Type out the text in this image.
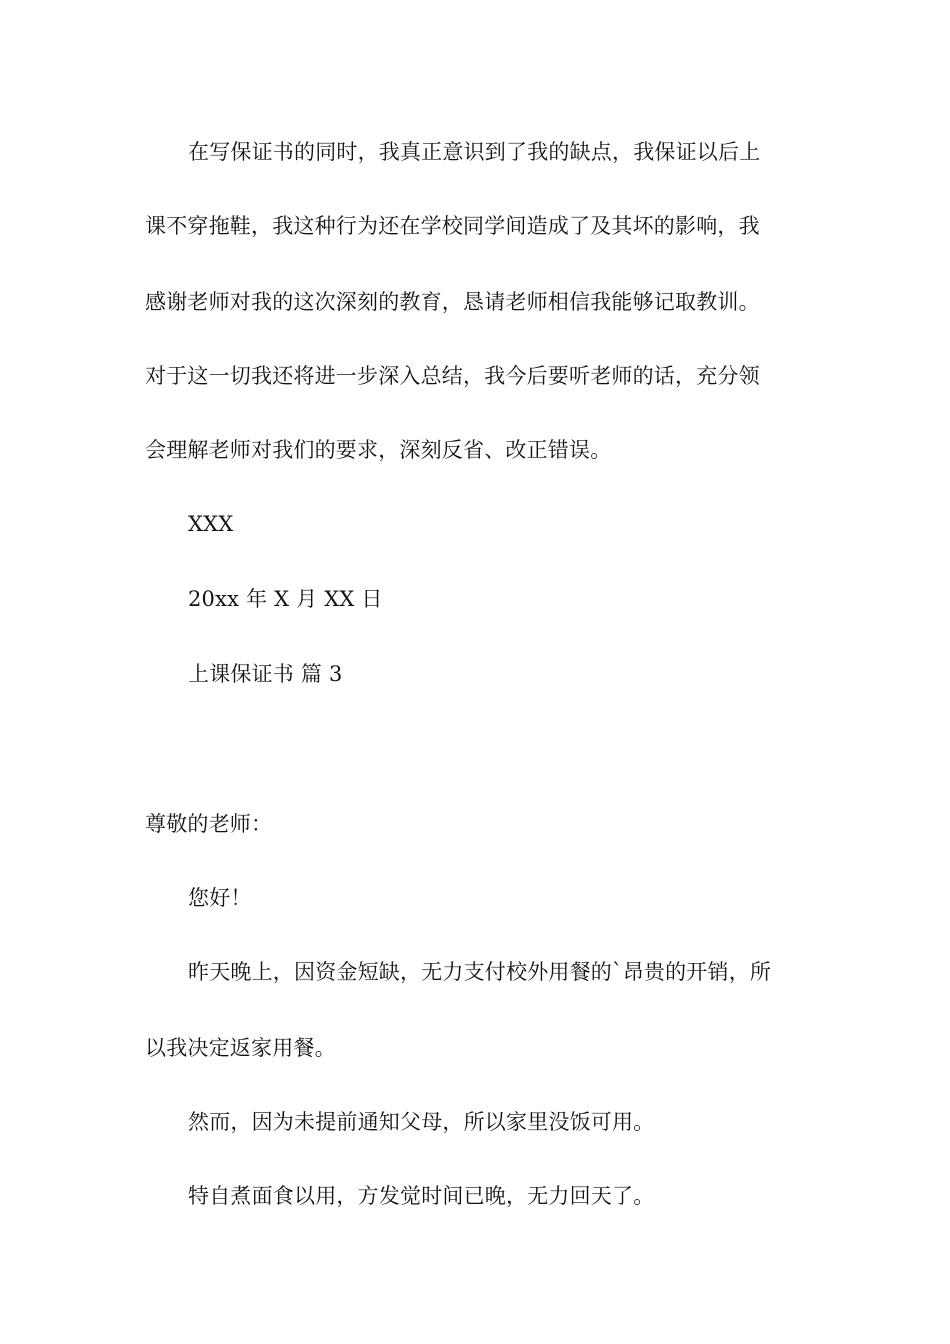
在写保证书的同时，我真正意识到了我的缺点，我保证以后上
课不穿拖鞋，我这种行为还在学校同学间造成了及其坏的影响，我
感谢老师对我的这次深刻的教育，恳请老师相信我能够记取教训。
对于这一切我还将进一步深入总结，我今后要听老师的话，充分领
会理解老师对我们的要求，深刻反省、改正错误。
XXX
20xx 年 X 月 XX 日
上课保证书 篇 3
尊敬的老师：
您好！
昨天晚上，因资金短缺，无力支付校外用餐的`昂贵的开销，所
以我决定返家用餐。
然而，因为未提前通知父母，所以家里没饭可用。
特自煮面食以用，方发觉时间已晚，无力回天了。
